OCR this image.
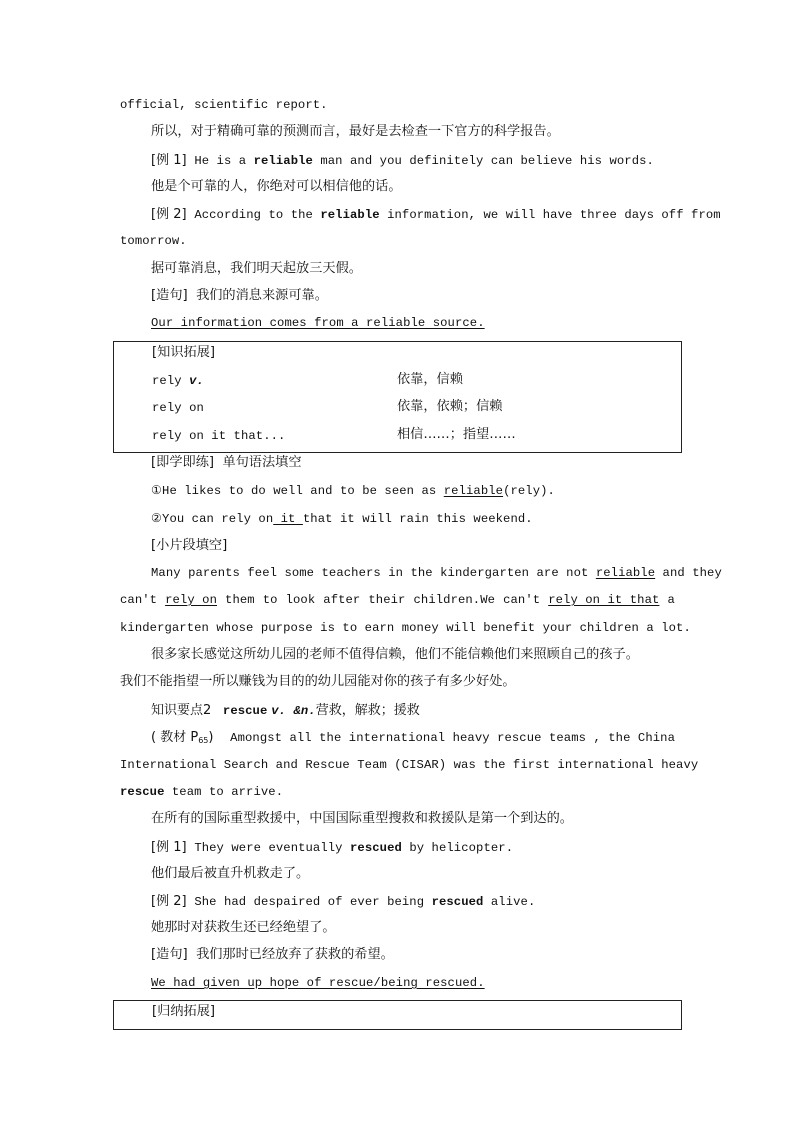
official, scientific report.
所以，对于精确可靠的预测而言，最好是去检查一下官方的科学报告。
[例 1] He is a reliable man and you definitely can believe his words.
他是个可靠的人，你绝对可以相信他的话。
[例 2] According to the reliable information, we will have three days off from
tomorrow.
据可靠消息，我们明天起放三天假。
[造句] 我们的消息来源可靠。
Our information comes from a reliable source.
[知识拓展]
rely v.	依靠，信赖
rely on	依靠，依赖；信赖
rely on it that...	相信……；指望……
[即学即练] 单句语法填空
①He likes to do well and to be seen as reliable(rely).
②You can rely on it that it will rain this weekend.
[小片段填空]
Many parents feel some teachers in the kindergarten are not reliable and they
can't rely on them to look after their children.We can't rely on it that a
kindergarten whose purpose is to earn money will benefit your children a lot.
很多家长感觉这所幼儿园的老师不值得信赖，他们不能信赖他们来照顾自己的孩子。
我们不能指望一所以赚钱为目的的幼儿园能对你的孩子有多少好处。
知识要点2 rescue v. &n.营救，解救；援救
( 教材 $P_{65}$) Amongst all the international heavy rescue teams , the China
International Search and Rescue Team (CISAR) was the first international heavy
rescue team to arrive.
在所有的国际重型救援中，中国国际重型搜救和救援队是第一个到达的。
[例 1] They were eventually rescued by helicopter.
他们最后被直升机救走了。
[例 2] She had despaired of ever being rescued alive.
她那时对获救生还已经绝望了。
[造句] 我们那时已经放弃了获救的希望。
We had given up hope of rescue/being rescued.
[归纳拓展]
